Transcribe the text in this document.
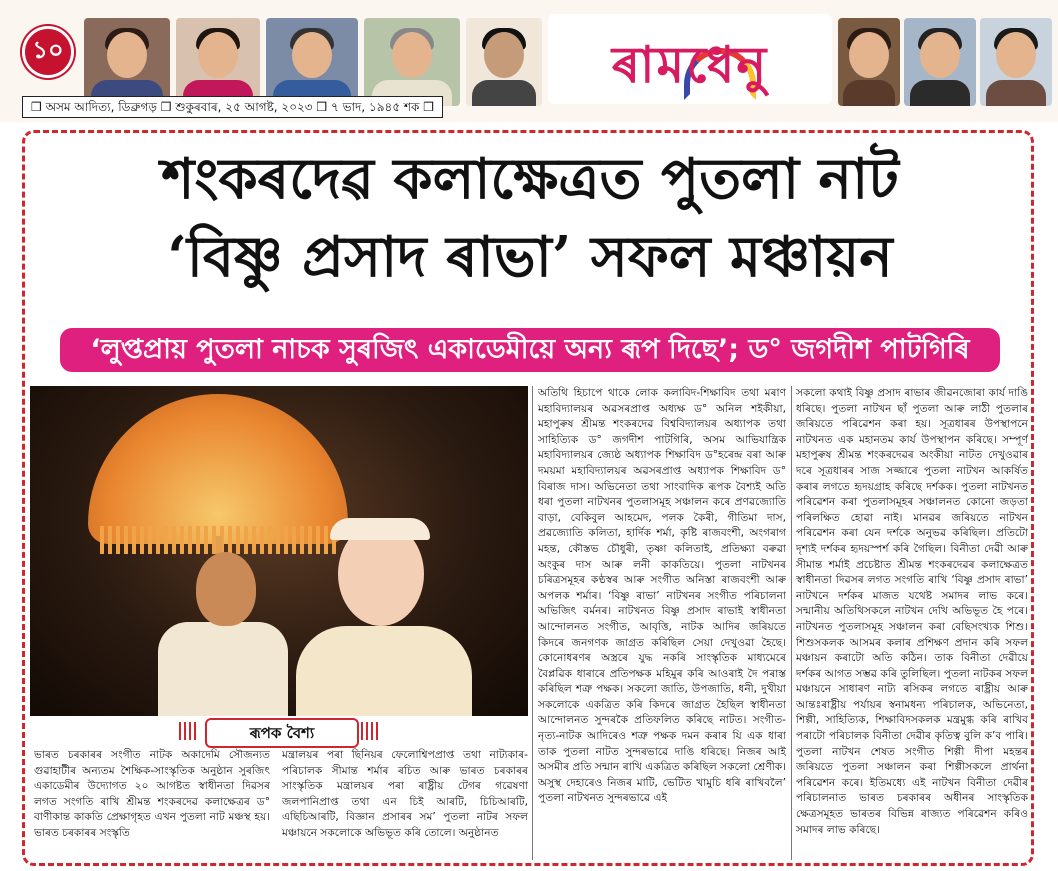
১০	ৰামধেনু
❒ অসম আদিত্য, ডিব্ৰুগড় ❒ শুকুৰবাৰ, ২৫ আগষ্ট, ২০২৩ ❒ ৭ ভাদ, ১৯৪৫ শক ❒
শংকৰদেৱ কলাক্ষেত্ৰত পুতলা নাট
‘বিষ্ণু প্ৰসাদ ৰাভা’ সফল মঞ্চায়ন
‘লুপ্তপ্ৰায় পুতলা নাচক সুৰজিৎ একাডেমীয়ে অন্য ৰূপ দিছে’; ড° জগদীশ পাটগিৰি
ৰূপক বৈশ্য
ভাৰত চৰকাৰৰ সংগীত নাটক অকাদেমি সৌজন্যত গুৱাহাটীৰ অন্যতম শৈক্ষিক-সাংস্কৃতিক অনুষ্ঠান সুৰজিৎ একাডেমীৰ উদ্যোগত ২০ আগষ্টত স্বাধীনতা দিৱসৰ লগত সংগতি ৰাখি শ্ৰীমন্ত শংকৰদেৱ কলাক্ষেত্ৰৰ ড° বাণীকান্ত কাকতি প্ৰেক্ষাগৃহত এখন পুতলা নাট মঞ্চস্থ হয়। ভাৰত চৰকাৰৰ সংস্কৃতি
মন্ত্ৰালয়ৰ পৰা ছিনিয়ৰ ফেলোশ্বিপপ্ৰাপ্ত তথা নাট্যকাৰ-পৰিচালক সীমান্ত শৰ্মাৰ ৰচিত আৰু ভাৰত চৰকাৰৰ সাংস্কৃতিক মন্ত্ৰালয়ৰ পৰা ৰাষ্ট্ৰীয় টেগৰ গৱেষণা জলপানিপ্ৰাপ্ত তথা এন চিই আৰটি, চিচিআৰটি, এছিচিআৰটি, বিজ্ঞান প্ৰসাৰৰ সম’ পুতলা নাটৰ সফল মঞ্চায়নে সকলোকে অভিভূত কৰি তোলে। অনুষ্ঠানত
অতিথি হিচাপে থাকে লোক কলাবিদ-শিক্ষাবিদ তথা মৰাণ মহাবিদ্যালয়ৰ অৱসৰপ্ৰাপ্ত অধ্যক্ষ ড° অনিল শইকীয়া, মহাপুৰুষ শ্ৰীমন্ত শংকৰদেৱ বিশ্ববিদ্যালয়ৰ অধ্যাপক তথা সাহিত্যিক ড° জগদীশ পাটগিৰি, অসম আভিযান্ত্ৰিক মহাবিদ্যালয়ৰ জ্যেষ্ঠ অধ্যাপক শিক্ষাবিদ ড°হৰেন্দ্ৰ বৰা আৰু দময়মা মহাবিদ্যালয়ৰ অৱসৰপ্ৰাপ্ত অধ্যাপক শিক্ষাবিদ ড° বিৰাজ দাস। অভিনেতা তথা সাংবাদিক ৰূপক বৈশ্যই অতি ধৰা পুতলা নাটখনৰ পুতলাসমূহ সঞ্চালন কৰে প্ৰণৱজ্যোতি বাড়া, বেকিবুল আহমেদ, পলক কৈৰী, গীতিমা দাস, প্ৰৱজ্যোতি কলিতা, হাৰ্দিক শৰ্মা, কৃষ্টি ৰাজবংশী, অংগৰাগ মহন্ত, কৌস্তভ চৌধুৰী, তৃষ্ণা কলিতাই, প্ৰতিক্ষ্যা বৰুৱা অংকুৰ দাস আৰু লনী কাকতিয়ে। পুতলা নাটখনৰ চৰিত্ৰসমূহৰ কণ্ঠস্বৰ আৰু সংগীত অনিস্তা ৰাজবংশী আৰু অপলক শৰ্মাৰ। ‘বিষ্ণু ৰাভা’ নাটখনৰ সংগীত পৰিচালনা অভিজিৎ বৰ্মনৰ। নাটখনত বিষ্ণু প্ৰসাদ ৰাভাই স্বাধীনতা আন্দোলনত সংগীত, আবৃত্তি, নাটক আদিৰ জৰিয়তে কিদৰে জনগণক জাগ্ৰত কৰিছিল সেয়া দেখুওৱা হৈছে। কোনোধৰণৰ অস্ত্ৰৰে যুদ্ধ নকৰি সাংস্কৃতিক মাধ্যমেৰে বৈপ্লৱিক ধাৰাৰে প্ৰতিপক্ষক মহিমুৰ কৰি আওৰাই দৈ পৰাস্ত কৰিছিল শত্ৰু পক্ষক। সকলো জাতি, উপজাতি, ধনী, দুখীয়া সকলোকে একত্ৰিত কৰি কিদৰে জাগ্ৰত হৈছিল স্বাধীনতা আন্দোলনত সুন্দৰকৈ প্ৰতিফলিত কৰিছে নাটত। সংগীত-নৃত্য-নাটক আদিৰেও শত্ৰু পক্ষক দমন কৰাৰ যি এক ধাৰা তাক পুতলা নাটত সুন্দৰভাৱে দাঙি ধৰিছে। নিজৰ আই অসমীৰ প্ৰতি সন্মান ৰাখি একত্ৰিত কৰিছিল সকলো শ্ৰেণীক। অসুস্থ দেহাৰেও নিজৰ মাটি, ভেটিত খামুচি ধৰি ৰাখিবলৈ’ পুতলা নাটখনত সুন্দৰভাৱে এই
সকলো কথাই বিষ্ণু প্ৰসাদ ৰাভাৰ জীৱনজোৰা কাৰ্য দাঙি ধৰিছে। পুতলা নাটখন ছাঁ পুতলা আৰু লাঠী পুতলাৰ জৰিয়তে পৰিৱেশন কৰা হয়। সূত্ৰধাৰৰ উপস্থাপনে নাটখনত এক মহানতম কাৰ্য উপস্থাপন কৰিছে। সম্পূৰ্ণ মহাপুৰুষ শ্ৰীমন্ত শংকৰদেৱৰ অংকীয়া নাটত দেখুওৱাৰ দৰে সূত্ৰধাৰৰ সাজ সজ্জাৰে পুতলা নাটখন আকৰ্ষিত কৰাৰ লগতে হৃদয়গ্ৰাহ কৰিছে দৰ্শকক। পুতলা নাটখনত পৰিৱেশন কৰা পুতলাসমূহৰ সঞ্চালনত কোনো জড়তা পৰিলক্ষিত হোৱা নাই। মানৱৰ জৰিয়তে নাটখন পৰিৱেশন কৰা যেন দৰ্শকে অনুভৱ কৰিছিল। প্ৰতিটো দৃশ্যই দৰ্শকৰ হৃদয়স্পৰ্শ কৰি গৈছিল। বিনীতা দেৱী আৰু সীমান্ত শৰ্মাই প্ৰচেষ্টাত শ্ৰীমন্ত শংকৰদেৱৰ কলাক্ষেত্ৰত স্বাধীনতা দিৱসৰ লগত সংগতি ৰাখি ‘বিষ্ণু প্ৰসাদ ৰাভা’ নাটখনে দৰ্শকৰ মাজত যথেষ্ট সমাদৰ লাভ কৰে। সন্মানীয় অতিথিসকলে নাটখন দেখি অভিভূত হৈ পৰে। নাটখনত পুতলাসমূহ সঞ্চালন কৰা বেছিসংখ্যক শিশু। শিশুসকলক আসমৰ কলাৰ প্ৰশিক্ষণ প্ৰদান কৰি সফল মঞ্চায়ন কৰাটো অতি কঠিন। তাক বিনীতা দেৱীয়ে দৰ্শকৰ আগত সম্ভৱ কৰি তুলিছিল। পুতলা নাটকৰ সফল মঞ্চায়নে সাধাৰণ নাট্য ৰসিকৰ লগতে ৰাষ্ট্ৰীয় আৰু আন্তঃৰাষ্ট্ৰীয় পৰ্যায়ৰ স্বনামধন্য পৰিচালক, অভিনেতা, শিল্পী, সাহিত্যিক, শিক্ষাবিদসকলক মন্ত্ৰমুগ্ধ কৰি ৰাখিব পৰাটো পৰিচালক বিনীতা দেৱীৰ কৃতিত্ব বুলি ক’ব পাৰি। পুতলা নাটখন শেষত সংগীত শিল্পী দীপা মহন্তৰ জৰিয়তে পুতলা সঞ্চালন কৰা শিল্পীসকলে প্ৰাৰ্থনা পৰিৱেশন কৰে। ইতিমধ্যে এই নাটখন বিনীতা দেৱীৰ পৰিচালনাত ভাৰত চৰকাৰৰ অধীনৰ সাংস্কৃতিক ক্ষেত্ৰসমূহত ভাৰতৰ বিভিন্ন ৰাজ্যত পৰিৱেশন কৰিও সমাদৰ লাভ কৰিছে।
